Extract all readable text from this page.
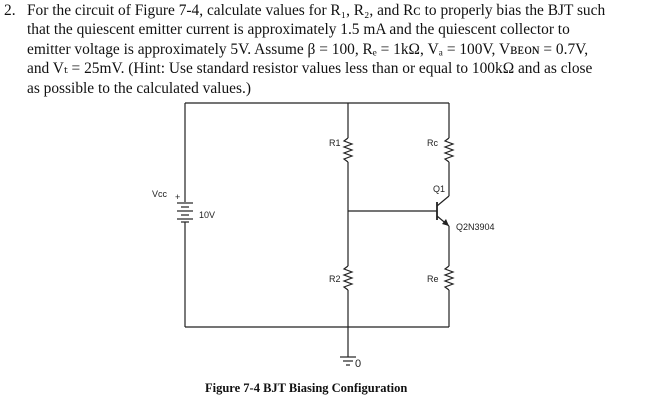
2. For the circuit of Figure 7-4, calculate values for R₁, R₂, and Rᴄ to properly bias the BJT such
that the quiescent emitter current is approximately 1.5 mA and the quiescent collector to
emitter voltage is approximately 5V. Assume β = 100, Rₑ = 1kΩ, Vₐ = 100V, Vʙᴇᴏɴ = 0.7V,
and Vₜ = 25mV. (Hint: Use standard resistor values less than or equal to 100kΩ and as close
as possible to the calculated values.)
Vcc +
10V
R1
R2
Rc
Re
Q1
Q2N3904
0
Figure 7-4 BJT Biasing Configuration
